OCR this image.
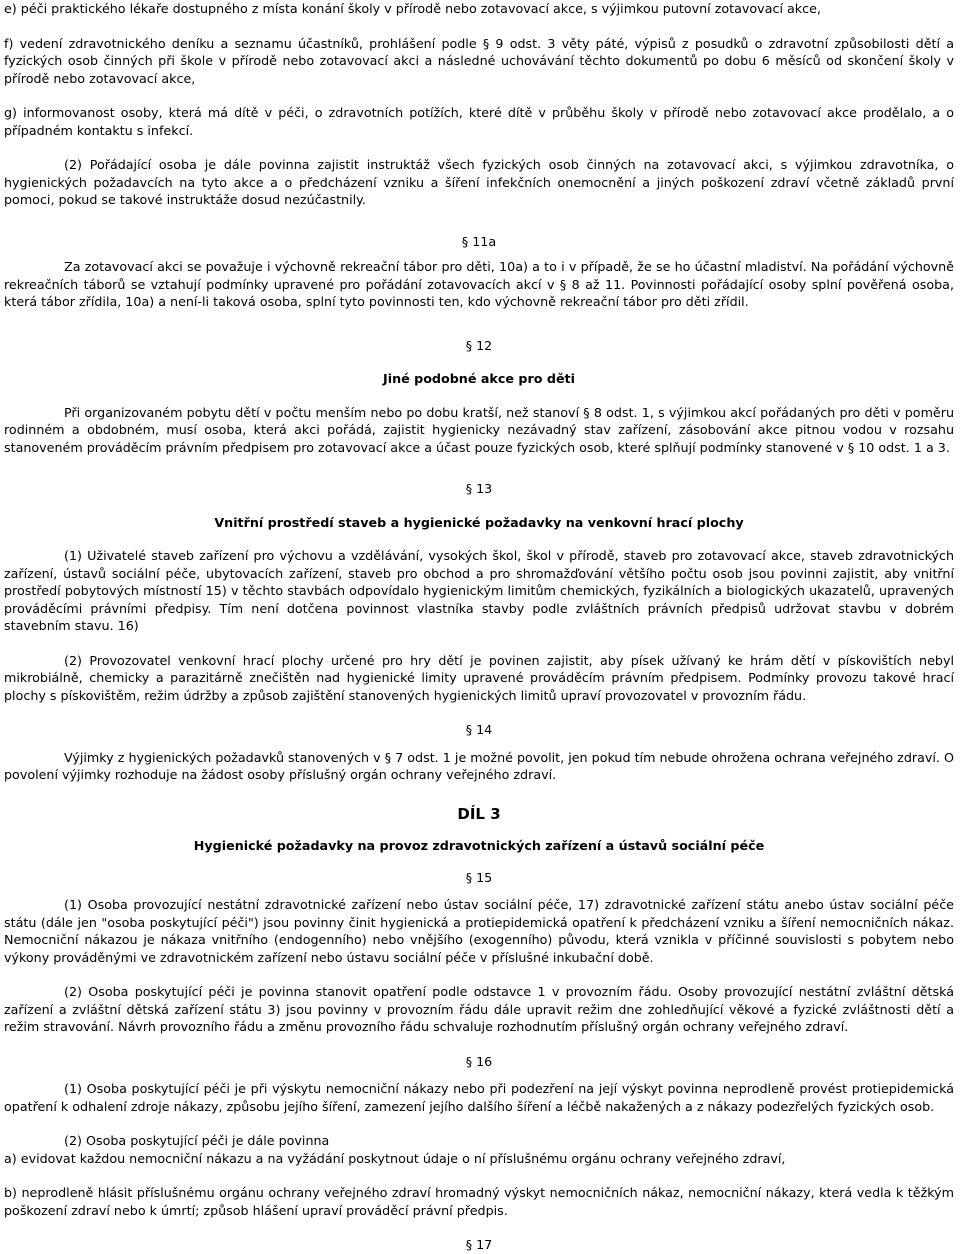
e) péči praktického lékaře dostupného z místa konání školy v přírodě nebo zotavovací akce, s výjimkou putovní zotavovací akce,
f) vedení zdravotnického deníku a seznamu účastníků, prohlášení podle § 9 odst. 3 věty páté, výpisů z posudků o zdravotní způsobilosti dětí a fyzických osob činných při škole v přírodě nebo zotavovací akci a následné uchovávání těchto dokumentů po dobu 6 měsíců od skončení školy v přírodě nebo zotavovací akce,
g) informovanost osoby, která má dítě v péči, o zdravotních potížích, které dítě v průběhu školy v přírodě nebo zotavovací akce prodělalo, a o případném kontaktu s infekcí.
(2) Pořádající osoba je dále povinna zajistit instruktáž všech fyzických osob činných na zotavovací akci, s výjimkou zdravotníka, o hygienických požadavcích na tyto akce a o předcházení vzniku a šíření infekčních onemocnění a jiných poškození zdraví včetně základů první pomoci, pokud se takové instruktáže dosud nezúčastnily.
§ 11a
Za zotavovací akci se považuje i výchovně rekreační tábor pro děti, 10a) a to i v případě, že se ho účastní mladiství. Na pořádání výchovně rekreačních táborů se vztahují podmínky upravené pro pořádání zotavovacích akcí v § 8 až 11. Povinnosti pořádající osoby splní pověřená osoba, která tábor zřídila, 10a) a není-li taková osoba, splní tyto povinnosti ten, kdo výchovně rekreační tábor pro děti zřídil.
§ 12
Jiné podobné akce pro děti
Při organizovaném pobytu dětí v počtu menším nebo po dobu kratší, než stanoví § 8 odst. 1, s výjimkou akcí pořádaných pro děti v poměru rodinném a obdobném, musí osoba, která akci pořádá, zajistit hygienicky nezávadný stav zařízení, zásobování akce pitnou vodou v rozsahu stanoveném prováděcím právním předpisem pro zotavovací akce a účast pouze fyzických osob, které splňují podmínky stanovené v § 10 odst. 1 a 3.
§ 13
Vnitřní prostředí staveb a hygienické požadavky na venkovní hrací plochy
(1) Uživatelé staveb zařízení pro výchovu a vzdělávání, vysokých škol, škol v přírodě, staveb pro zotavovací akce, staveb zdravotnických zařízení, ústavů sociální péče, ubytovacích zařízení, staveb pro obchod a pro shromažďování většího počtu osob jsou povinni zajistit, aby vnitřní prostředí pobytových místností 15) v těchto stavbách odpovídalo hygienickým limitům chemických, fyzikálních a biologických ukazatelů, upravených prováděcími právními předpisy. Tím není dotčena povinnost vlastníka stavby podle zvláštních právních předpisů udržovat stavbu v dobrém stavebním stavu. 16)
(2) Provozovatel venkovní hrací plochy určené pro hry dětí je povinen zajistit, aby písek užívaný ke hrám dětí v pískovištích nebyl mikrobiálně, chemicky a parazitárně znečištěn nad hygienické limity upravené prováděcím právním předpisem. Podmínky provozu takové hrací plochy s pískovištěm, režim údržby a způsob zajištění stanovených hygienických limitů upraví provozovatel v provozním řádu.
§ 14
Výjimky z hygienických požadavků stanovených v § 7 odst. 1 je možné povolit, jen pokud tím nebude ohrožena ochrana veřejného zdraví. O povolení výjimky rozhoduje na žádost osoby příslušný orgán ochrany veřejného zdraví.
DÍL 3
Hygienické požadavky na provoz zdravotnických zařízení a ústavů sociální péče
§ 15
(1) Osoba provozující nestátní zdravotnické zařízení nebo ústav sociální péče, 17) zdravotnické zařízení státu anebo ústav sociální péče státu (dále jen "osoba poskytující péči") jsou povinny činit hygienická a protiepidemická opatření k předcházení vzniku a šíření nemocničních nákaz. Nemocniční nákazou je nákaza vnitřního (endogenního) nebo vnějšího (exogenního) původu, která vznikla v příčinné souvislosti s pobytem nebo výkony prováděnými ve zdravotnickém zařízení nebo ústavu sociální péče v příslušné inkubační době.
(2) Osoba poskytující péči je povinna stanovit opatření podle odstavce 1 v provozním řádu. Osoby provozující nestátní zvláštní dětská zařízení a zvláštní dětská zařízení státu 3) jsou povinny v provozním řádu dále upravit režim dne zohledňující věkové a fyzické zvláštnosti dětí a režim stravování. Návrh provozního řádu a změnu provozního řádu schvaluje rozhodnutím příslušný orgán ochrany veřejného zdraví.
§ 16
(1) Osoba poskytující péči je při výskytu nemocniční nákazy nebo při podezření na její výskyt povinna neprodleně provést protiepidemická opatření k odhalení zdroje nákazy, způsobu jejího šíření, zamezení jejího dalšího šíření a léčbě nakažených a z nákazy podezřelých fyzických osob.
(2) Osoba poskytující péči je dále povinna
a) evidovat každou nemocniční nákazu a na vyžádání poskytnout údaje o ní příslušnému orgánu ochrany veřejného zdraví,
b) neprodleně hlásit příslušnému orgánu ochrany veřejného zdraví hromadný výskyt nemocničních nákaz, nemocniční nákazy, která vedla k těžkým poškození zdraví nebo k úmrtí; způsob hlášení upraví prováděcí právní předpis.
§ 17
